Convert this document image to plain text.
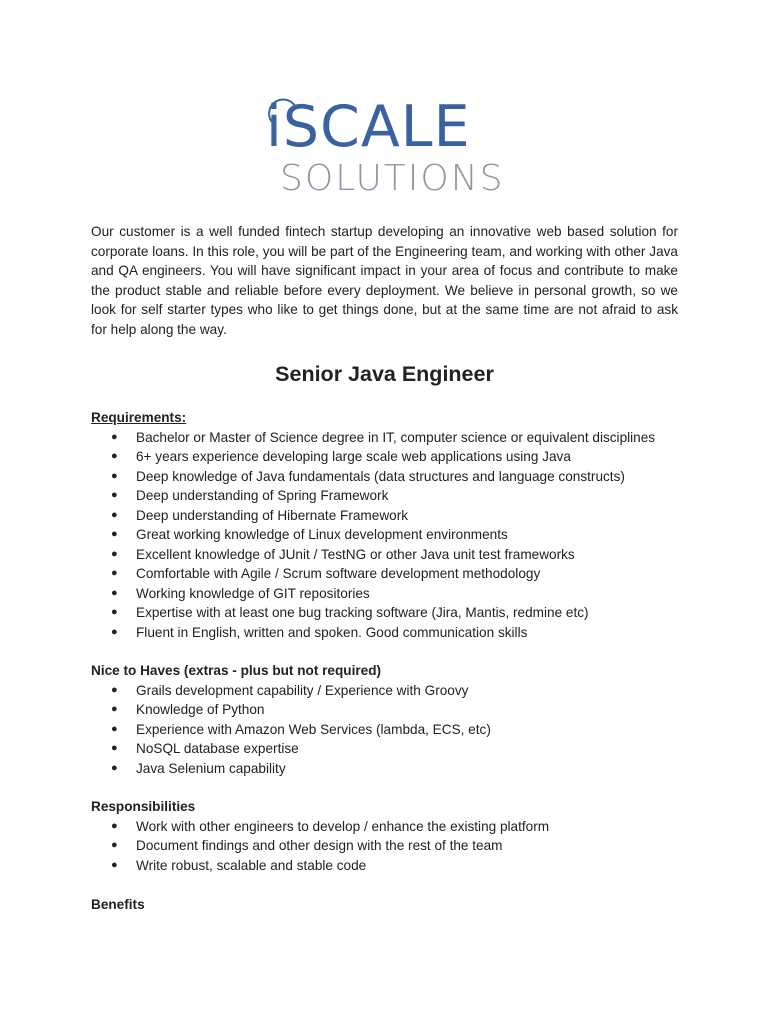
iSCALE
SOLUTIONS

Our customer is a well funded fintech startup developing an innovative web based solution for corporate loans. In this role, you will be part of the Engineering team, and working with other Java and QA engineers. You will have significant impact in your area of focus and contribute to make the product stable and reliable before every deployment. We believe in personal growth, so we look for self starter types who like to get things done, but at the same time are not afraid to ask for help along the way.

Senior Java Engineer
Requirements:
● Bachelor or Master of Science degree in IT, computer science or equivalent disciplines
● 6+ years experience developing large scale web applications using Java
● Deep knowledge of Java fundamentals (data structures and language constructs)
● Deep understanding of Spring Framework
● Deep understanding of Hibernate Framework
● Great working knowledge of Linux development environments
● Excellent knowledge of JUnit / TestNG or other Java unit test frameworks
● Comfortable with Agile / Scrum software development methodology
● Working knowledge of GIT repositories
● Expertise with at least one bug tracking software (Jira, Mantis, redmine etc)
● Fluent in English, written and spoken. Good communication skills
Nice to Haves (extras - plus but not required)
● Grails development capability / Experience with Groovy
● Knowledge of Python
● Experience with Amazon Web Services (lambda, ECS, etc)
● NoSQL database expertise
● Java Selenium capability
Responsibilities
● Work with other engineers to develop / enhance the existing platform
● Document findings and other design with the rest of the team
● Write robust, scalable and stable code
Benefits
